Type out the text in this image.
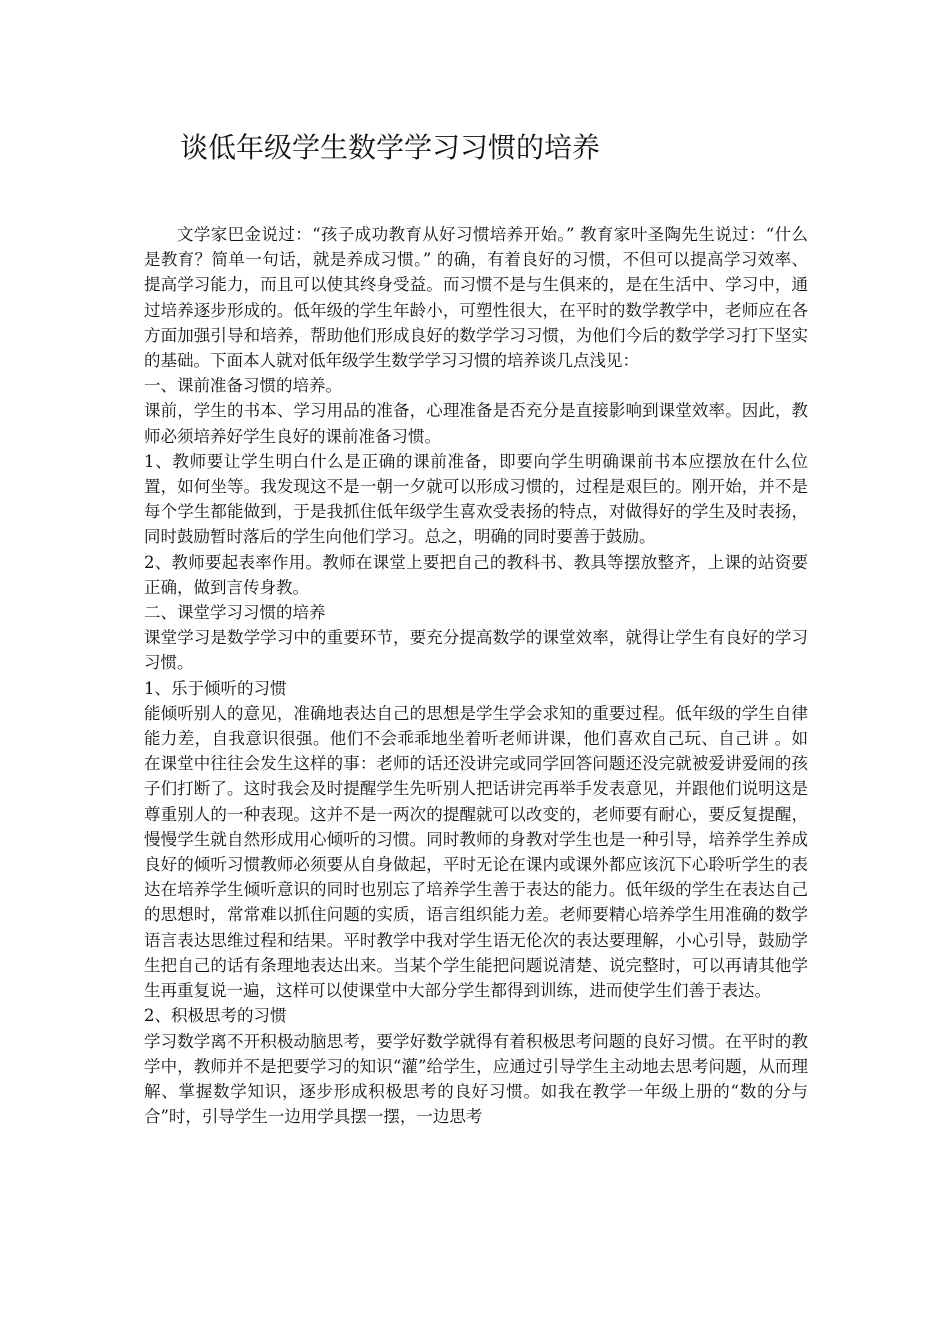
谈低年级学生数学学习习惯的培养

文学家巴金说过：“孩子成功教育从好习惯培养开始。” 教育家叶圣陶先生说过：“什么是教育？简单一句话，就是养成习惯。” 的确，有着良好的习惯，不但可以提高学习效率、提高学习能力，而且可以使其终身受益。而习惯不是与生俱来的，是在生活中、学习中，通过培养逐步形成的。低年级的学生年龄小，可塑性很大，在平时的数学教学中，老师应在各方面加强引导和培养，帮助他们形成良好的数学学习习惯，为他们今后的数学学习打下坚实的基础。下面本人就对低年级学生数学学习习惯的培养谈几点浅见：

一、课前准备习惯的培养。

课前，学生的书本、学习用品的准备，心理准备是否充分是直接影响到课堂效率。因此，教师必须培养好学生良好的课前准备习惯。

1、教师要让学生明白什么是正确的课前准备，即要向学生明确课前书本应摆放在什么位置，如何坐等。我发现这不是一朝一夕就可以形成习惯的，过程是艰巨的。刚开始，并不是每个学生都能做到，于是我抓住低年级学生喜欢受表扬的特点，对做得好的学生及时表扬，同时鼓励暂时落后的学生向他们学习。总之，明确的同时要善于鼓励。

2、教师要起表率作用。教师在课堂上要把自己的教科书、教具等摆放整齐，上课的站资要正确，做到言传身教。

二、课堂学习习惯的培养

课堂学习是数学学习中的重要环节，要充分提高数学的课堂效率，就得让学生有良好的学习习惯。

1、乐于倾听的习惯

能倾听别人的意见，准确地表达自己的思想是学生学会求知的重要过程。低年级的学生自律能力差，自我意识很强。他们不会乖乖地坐着听老师讲课，他们喜欢自己玩、自己讲 。如在课堂中往往会发生这样的事：老师的话还没讲完或同学回答问题还没完就被爱讲爱闹的孩子们打断了。这时我会及时提醒学生先听别人把话讲完再举手发表意见，并跟他们说明这是尊重别人的一种表现。这并不是一两次的提醒就可以改变的，老师要有耐心，要反复提醒，慢慢学生就自然形成用心倾听的习惯。同时教师的身教对学生也是一种引导，培养学生养成良好的倾听习惯教师必须要从自身做起，平时无论在课内或课外都应该沉下心聆听学生的表达在培养学生倾听意识的同时也别忘了培养学生善于表达的能力。低年级的学生在表达自己的思想时，常常难以抓住问题的实质，语言组织能力差。老师要精心培养学生用准确的数学语言表达思维过程和结果。平时教学中我对学生语无伦次的表达要理解，小心引导，鼓励学生把自己的话有条理地表达出来。当某个学生能把问题说清楚、说完整时，可以再请其他学生再重复说一遍，这样可以使课堂中大部分学生都得到训练，进而使学生们善于表达。

2、积极思考的习惯

学习数学离不开积极动脑思考，要学好数学就得有着积极思考问题的良好习惯。在平时的教学中，教师并不是把要学习的知识“灌”给学生，应通过引导学生主动地去思考问题，从而理解、掌握数学知识，逐步形成积极思考的良好习惯。如我在教学一年级上册的“数的分与合”时，引导学生一边用学具摆一摆，一边思考
